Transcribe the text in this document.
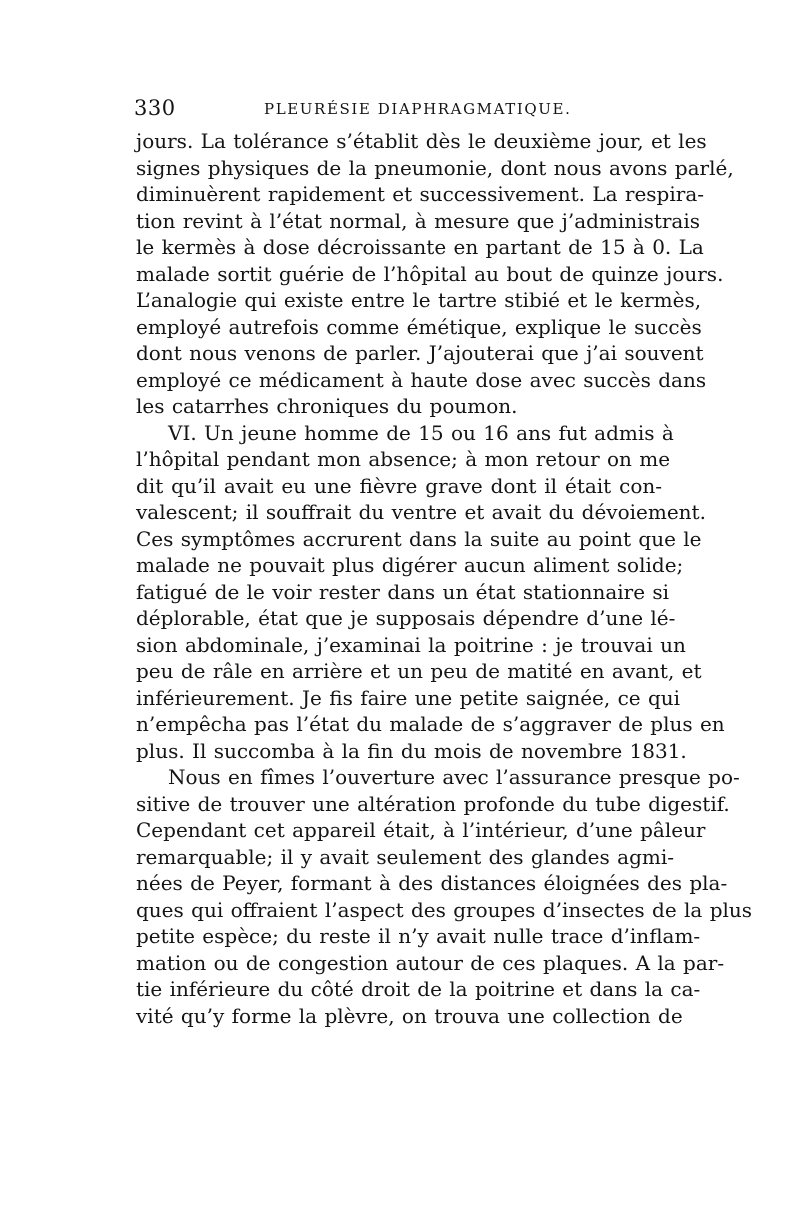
330	PLEURÉSIE DIAPHRAGMATIQUE.
jours. La tolérance s’établit dès le deuxième jour, et les
signes physiques de la pneumonie, dont nous avons parlé,
diminuèrent rapidement et successivement. La respira-
tion revint à l’état normal, à mesure que j’administrais
le kermès à dose décroissante en partant de 15 à 0. La
malade sortit guérie de l’hôpital au bout de quinze jours.
L’analogie qui existe entre le tartre stibié et le kermès,
employé autrefois comme émétique, explique le succès
dont nous venons de parler. J’ajouterai que j’ai souvent
employé ce médicament à haute dose avec succès dans
les catarrhes chroniques du poumon.
VI. Un jeune homme de 15 ou 16 ans fut admis à
l’hôpital pendant mon absence; à mon retour on me
dit qu’il avait eu une fièvre grave dont il était con-
valescent; il souffrait du ventre et avait du dévoiement.
Ces symptômes accrurent dans la suite au point que le
malade ne pouvait plus digérer aucun aliment solide;
fatigué de le voir rester dans un état stationnaire si
déplorable, état que je supposais dépendre d’une lé-
sion abdominale, j’examinai la poitrine : je trouvai un
peu de râle en arrière et un peu de matité en avant, et
inférieurement. Je fis faire une petite saignée, ce qui
n’empêcha pas l’état du malade de s’aggraver de plus en
plus. Il succomba à la fin du mois de novembre 1831.
Nous en fîmes l’ouverture avec l’assurance presque po-
sitive de trouver une altération profonde du tube digestif.
Cependant cet appareil était, à l’intérieur, d’une pâleur
remarquable; il y avait seulement des glandes agmi-
nées de Peyer, formant à des distances éloignées des pla-
ques qui offraient l’aspect des groupes d’insectes de la plus
petite espèce; du reste il n’y avait nulle trace d’inflam-
mation ou de congestion autour de ces plaques. A la par-
tie inférieure du côté droit de la poitrine et dans la ca-
vité qu’y forme la plèvre, on trouva une collection de
